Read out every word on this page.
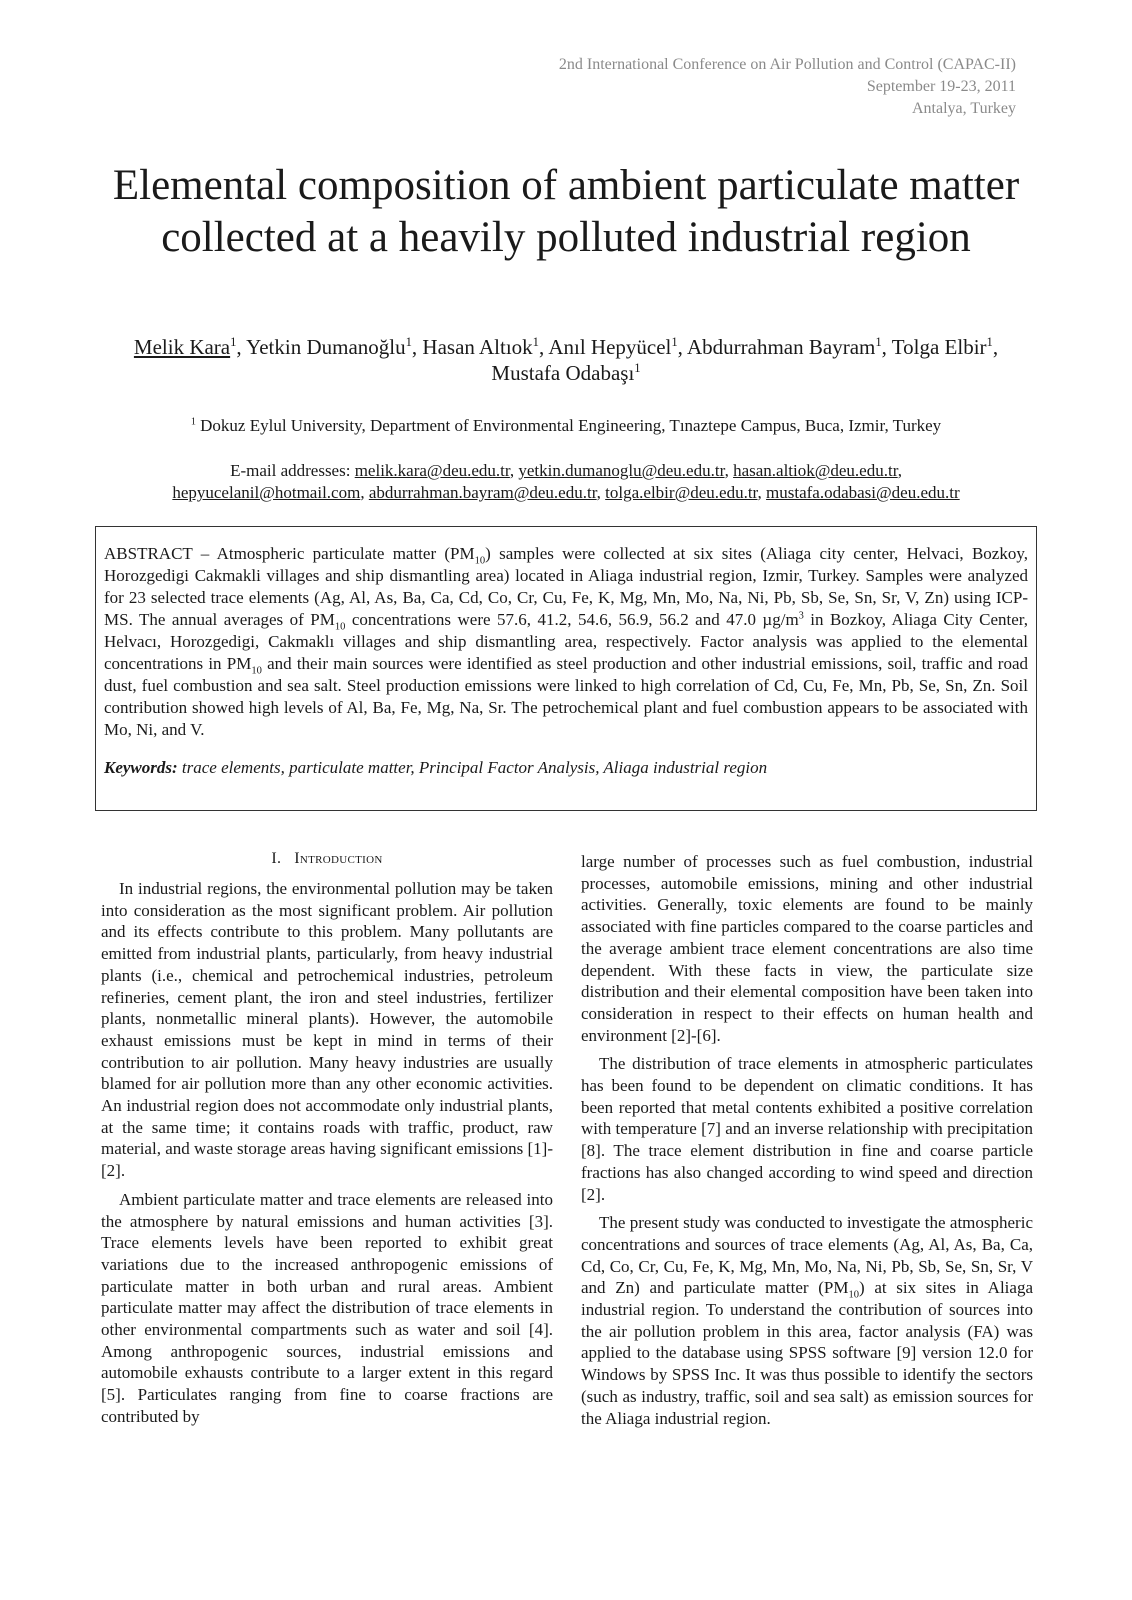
2nd International Conference on Air Pollution and Control (CAPAC-II)
September 19-23, 2011
Antalya, Turkey
Elemental composition of ambient particulate matter collected at a heavily polluted industrial region
Melik Kara$^1$, Yetkin Dumanoğlu$^1$, Hasan Altıok$^1$, Anıl Hepyücel$^1$, Abdurrahman Bayram$^1$, Tolga Elbir$^1$, Mustafa Odabaşı$^1$
$^1$ Dokuz Eylul University, Department of Environmental Engineering, Tınaztepe Campus, Buca, Izmir, Turkey
E-mail addresses: melik.kara@deu.edu.tr, yetkin.dumanoglu@deu.edu.tr, hasan.altiok@deu.edu.tr,
hepyucelanil@hotmail.com, abdurrahman.bayram@deu.edu.tr, tolga.elbir@deu.edu.tr, mustafa.odabasi@deu.edu.tr

ABSTRACT – Atmospheric particulate matter $(PM_{10})$ samples were collected at six sites (Aliaga city center, Helvaci, Bozkoy, Horozgedigi Cakmakli villages and ship dismantling area) located in Aliaga industrial region, Izmir, Turkey. Samples were analyzed for 23 selected trace elements (Ag, Al, As, Ba, Ca, Cd, Co, Cr, Cu, Fe, K, Mg, Mn, Mo, Na, Ni, Pb, Sb, Se, Sn, Sr, V, Zn) using ICP-MS. The annual averages of $PM_{10}$ concentrations were 57.6, 41.2, 54.6, 56.9, 56.2 and 47.0 $\mu g/m^3$ in Bozkoy, Aliaga City Center, Helvacı, Horozgedigi, Cakmaklı villages and ship dismantling area, respectively. Factor analysis was applied to the elemental concentrations in $PM_{10}$ and their main sources were identified as steel production and other industrial emissions, soil, traffic and road dust, fuel combustion and sea salt. Steel production emissions were linked to high correlation of Cd, Cu, Fe, Mn, Pb, Se, Sn, Zn. Soil contribution showed high levels of Al, Ba, Fe, Mg, Na, Sr. The petrochemical plant and fuel combustion appears to be associated with Mo, Ni, and V.

Keywords: trace elements, particulate matter, Principal Factor Analysis, Aliaga industrial region

I. Introduction

In industrial regions, the environmental pollution may be taken into consideration as the most significant problem. Air pollution and its effects contribute to this problem. Many pollutants are emitted from industrial plants, particularly, from heavy industrial plants (i.e., chemical and petrochemical industries, petroleum refineries, cement plant, the iron and steel industries, fertilizer plants, nonmetallic mineral plants). However, the automobile exhaust emissions must be kept in mind in terms of their contribution to air pollution. Many heavy industries are usually blamed for air pollution more than any other economic activities. An industrial region does not accommodate only industrial plants, at the same time; it contains roads with traffic, product, raw material, and waste storage areas having significant emissions [1]-[2].

Ambient particulate matter and trace elements are released into the atmosphere by natural emissions and human activities [3]. Trace elements levels have been reported to exhibit great variations due to the increased anthropogenic emissions of particulate matter in both urban and rural areas. Ambient particulate matter may affect the distribution of trace elements in other environmental compartments such as water and soil [4]. Among anthropogenic sources, industrial emissions and automobile exhausts contribute to a larger extent in this regard [5]. Particulates ranging from fine to coarse fractions are contributed by

large number of processes such as fuel combustion, industrial processes, automobile emissions, mining and other industrial activities. Generally, toxic elements are found to be mainly associated with fine particles compared to the coarse particles and the average ambient trace element concentrations are also time dependent. With these facts in view, the particulate size distribution and their elemental composition have been taken into consideration in respect to their effects on human health and environment [2]-[6].

The distribution of trace elements in atmospheric particulates has been found to be dependent on climatic conditions. It has been reported that metal contents exhibited a positive correlation with temperature [7] and an inverse relationship with precipitation [8]. The trace element distribution in fine and coarse particle fractions has also changed according to wind speed and direction [2].

The present study was conducted to investigate the atmospheric concentrations and sources of trace elements (Ag, Al, As, Ba, Ca, Cd, Co, Cr, Cu, Fe, K, Mg, Mn, Mo, Na, Ni, Pb, Sb, Se, Sn, Sr, V and Zn) and particulate matter $(PM_{10})$ at six sites in Aliaga industrial region. To understand the contribution of sources into the air pollution problem in this area, factor analysis (FA) was applied to the database using SPSS software [9] version 12.0 for Windows by SPSS Inc. It was thus possible to identify the sectors (such as industry, traffic, soil and sea salt) as emission sources for the Aliaga industrial region.
